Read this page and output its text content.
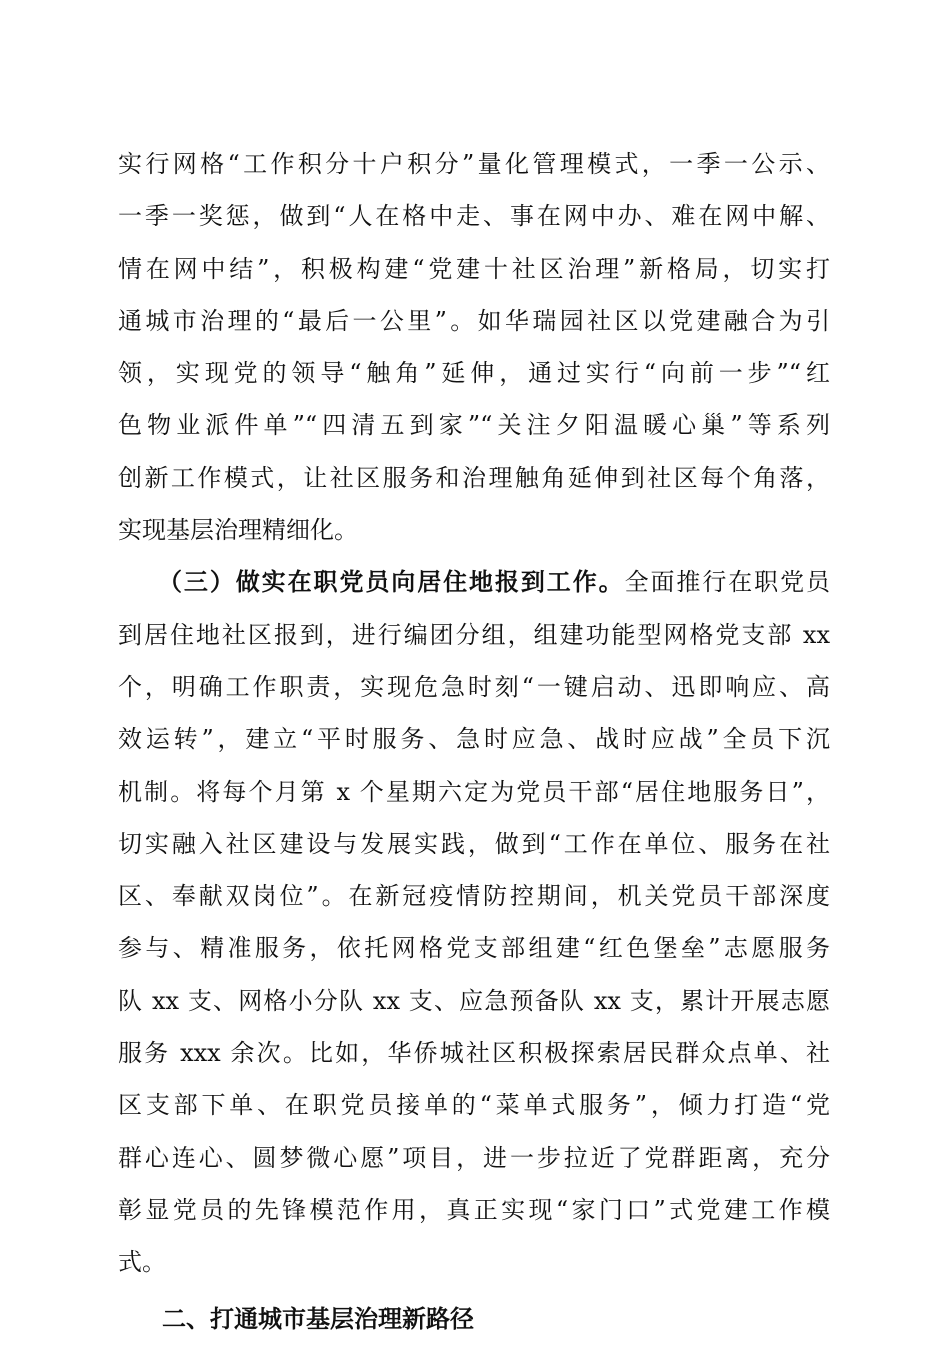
实行网格“工作积分十户积分”量化管理模式，一季一公示、
一季一奖惩，做到“人在格中走、事在网中办、难在网中解、
情在网中结”，积极构建“党建十社区治理”新格局，切实打
通城市治理的“最后一公里”。如华瑞园社区以党建融合为引
领，实现党的领导“触角”延伸，通过实行“向前一步”“红
色物业派件单”“四清五到家”“关注夕阳温暖心巢”等系列
创新工作模式，让社区服务和治理触角延伸到社区每个角落，
实现基层治理精细化。
（三）做实在职党员向居住地报到工作。全面推行在职党员
到居住地社区报到，进行编团分组，组建功能型网格党支部 xx
个，明确工作职责，实现危急时刻“一键启动、迅即响应、高
效运转”，建立“平时服务、急时应急、战时应战”全员下沉
机制。将每个月第 x 个星期六定为党员干部“居住地服务日”，
切实融入社区建设与发展实践，做到“工作在单位、服务在社
区、奉献双岗位”。在新冠疫情防控期间，机关党员干部深度
参与、精准服务，依托网格党支部组建“红色堡垒”志愿服务
队 xx 支、网格小分队 xx 支、应急预备队 xx 支，累计开展志愿
服务 xxx 余次。比如，华侨城社区积极探索居民群众点单、社
区支部下单、在职党员接单的“菜单式服务”，倾力打造“党
群心连心、圆梦微心愿”项目，进一步拉近了党群距离，充分
彰显党员的先锋模范作用，真正实现“家门口”式党建工作模
式。
二、打通城市基层治理新路径
